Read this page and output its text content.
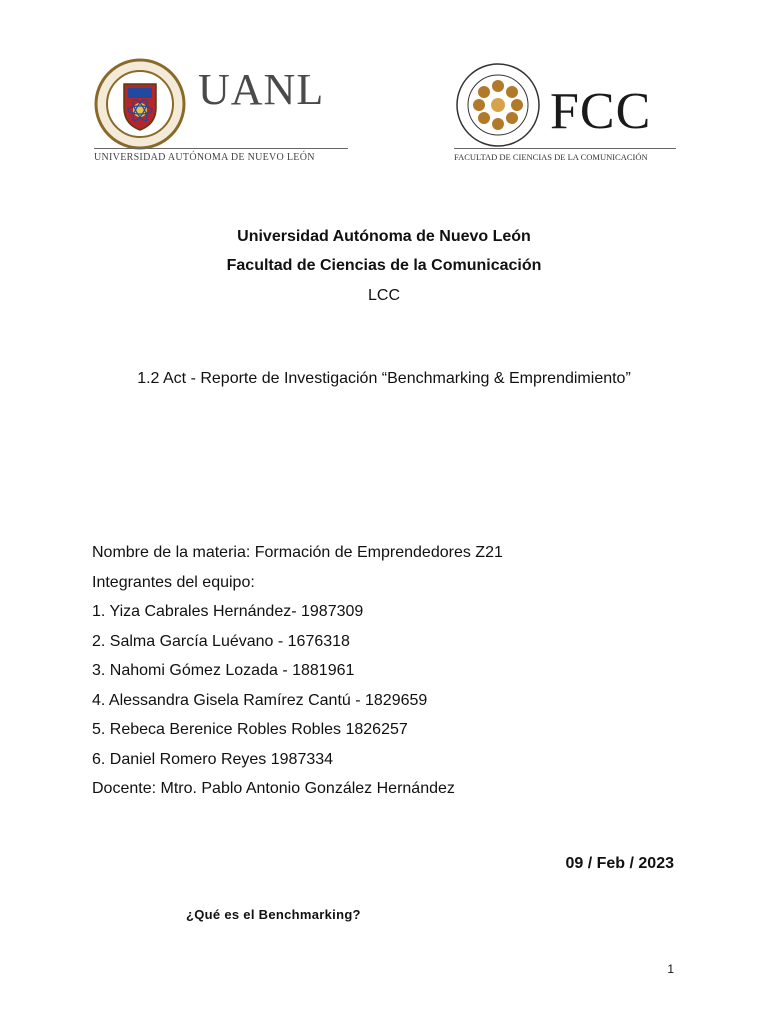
UANL
UNIVERSIDAD AUTÓNOMA DE NUEVO LEÓN
FCC
FACULTAD DE CIENCIAS DE LA COMUNICACIÓN
Universidad Autónoma de Nuevo León
Facultad de Ciencias de la Comunicación
LCC
1.2 Act - Reporte de Investigación “Benchmarking & Emprendimiento”
Nombre de la materia: Formación de Emprendedores Z21
Integrantes del equipo:
1. Yiza Cabrales Hernández- 1987309
2. Salma García Luévano - 1676318
3. Nahomi Gómez Lozada - 1881961
4. Alessandra Gisela Ramírez Cantú - 1829659
5. Rebeca Berenice Robles Robles 1826257
6. Daniel Romero Reyes 1987334
Docente: Mtro. Pablo Antonio González Hernández
09 / Feb / 2023
¿Qué es el Benchmarking?
1
